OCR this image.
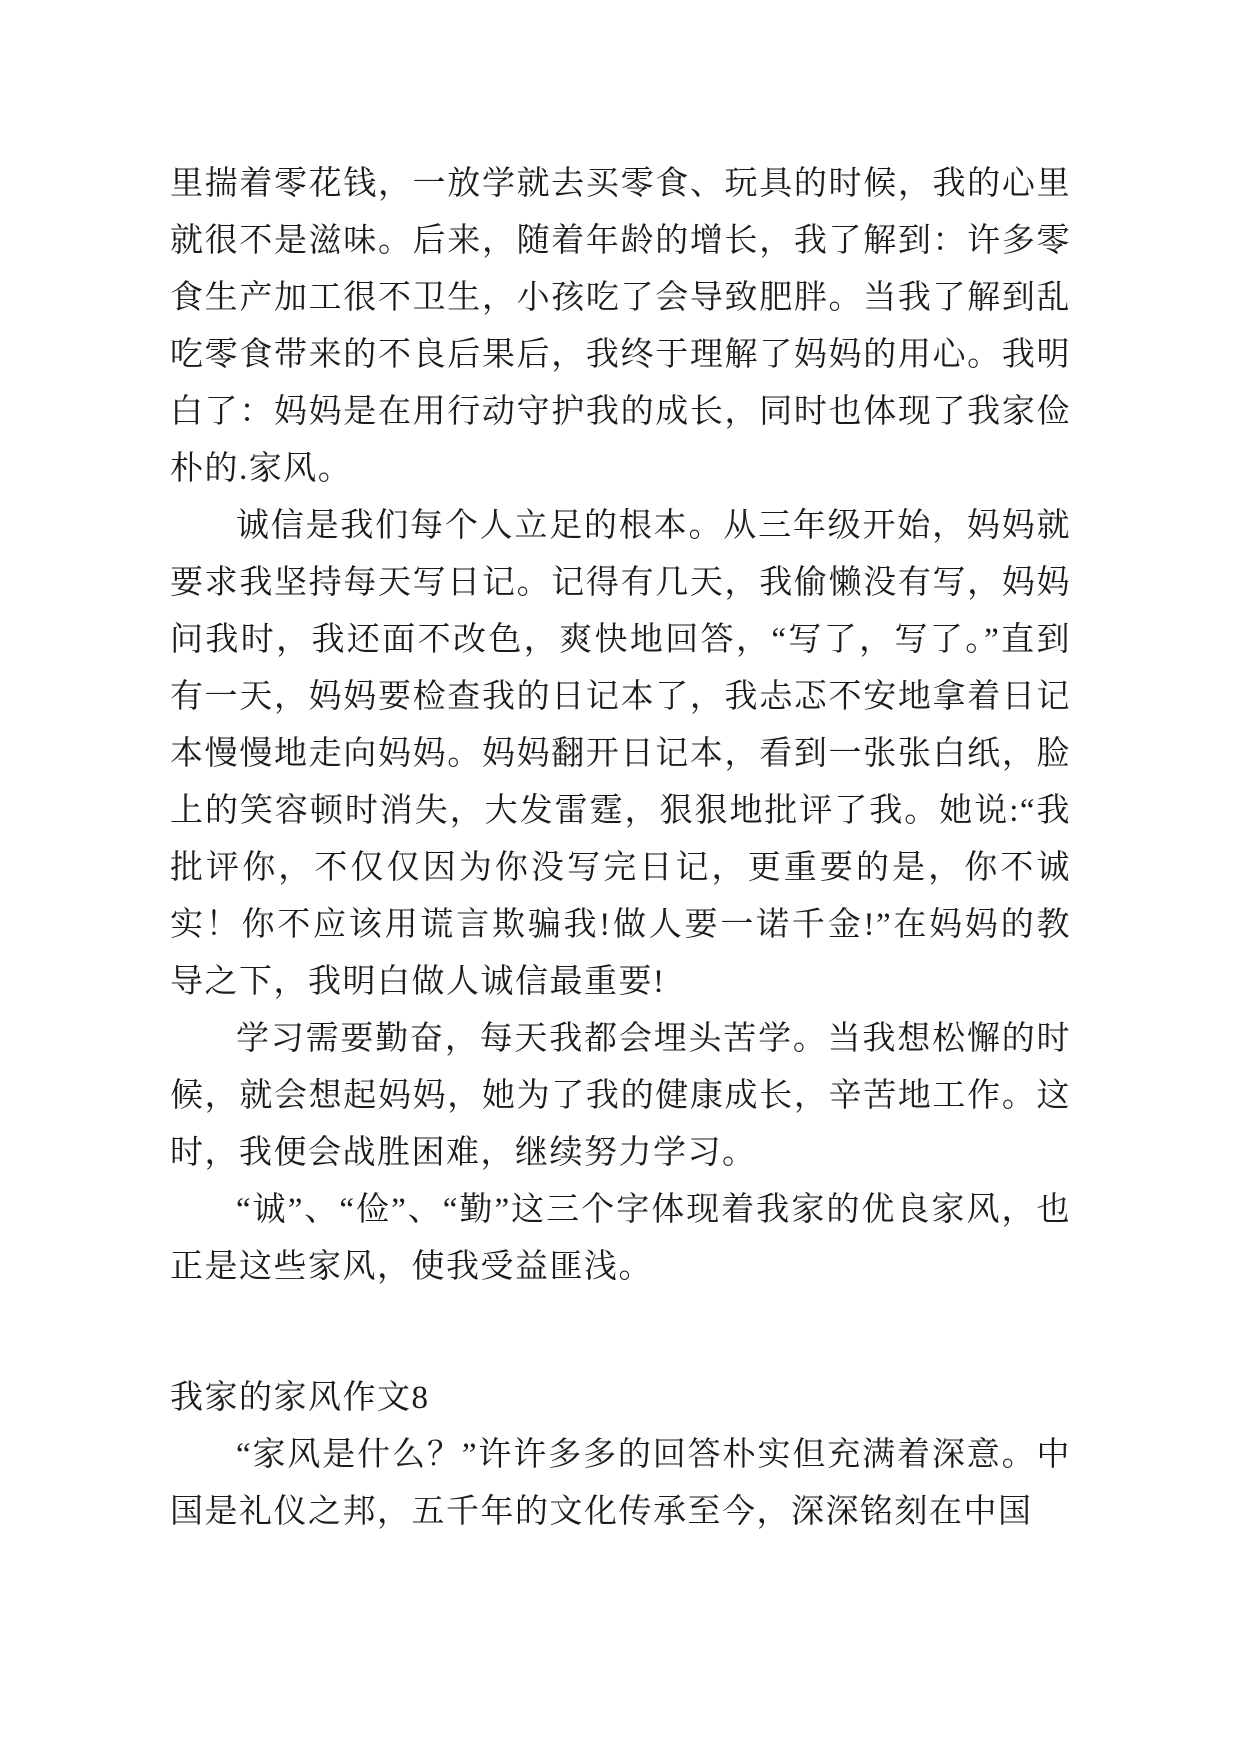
里揣着零花钱，一放学就去买零食、玩具的时候，我的心里就很不是滋味。后来，随着年龄的增长，我了解到：许多零食生产加工很不卫生，小孩吃了会导致肥胖。当我了解到乱吃零食带来的不良后果后，我终于理解了妈妈的用心。我明白了：妈妈是在用行动守护我的成长，同时也体现了我家俭朴的.家风。

诚信是我们每个人立足的根本。从三年级开始，妈妈就要求我坚持每天写日记。记得有几天，我偷懒没有写，妈妈问我时，我还面不改色，爽快地回答，“写了，写了。”直到有一天，妈妈要检查我的日记本了，我忐忑不安地拿着日记本慢慢地走向妈妈。妈妈翻开日记本，看到一张张白纸，脸上的笑容顿时消失，大发雷霆，狠狠地批评了我。她说:“我批评你，不仅仅因为你没写完日记，更重要的是，你不诚实！你不应该用谎言欺骗我!做人要一诺千金!”在妈妈的教导之下，我明白做人诚信最重要!

学习需要勤奋，每天我都会埋头苦学。当我想松懈的时候，就会想起妈妈，她为了我的健康成长，辛苦地工作。这时，我便会战胜困难，继续努力学习。

“诚”、“俭”、“勤”这三个字体现着我家的优良家风，也正是这些家风，使我受益匪浅。

我家的家风作文8

“家风是什么？”许许多多的回答朴实但充满着深意。中国是礼仪之邦，五千年的文化传承至今，深深铭刻在中国
